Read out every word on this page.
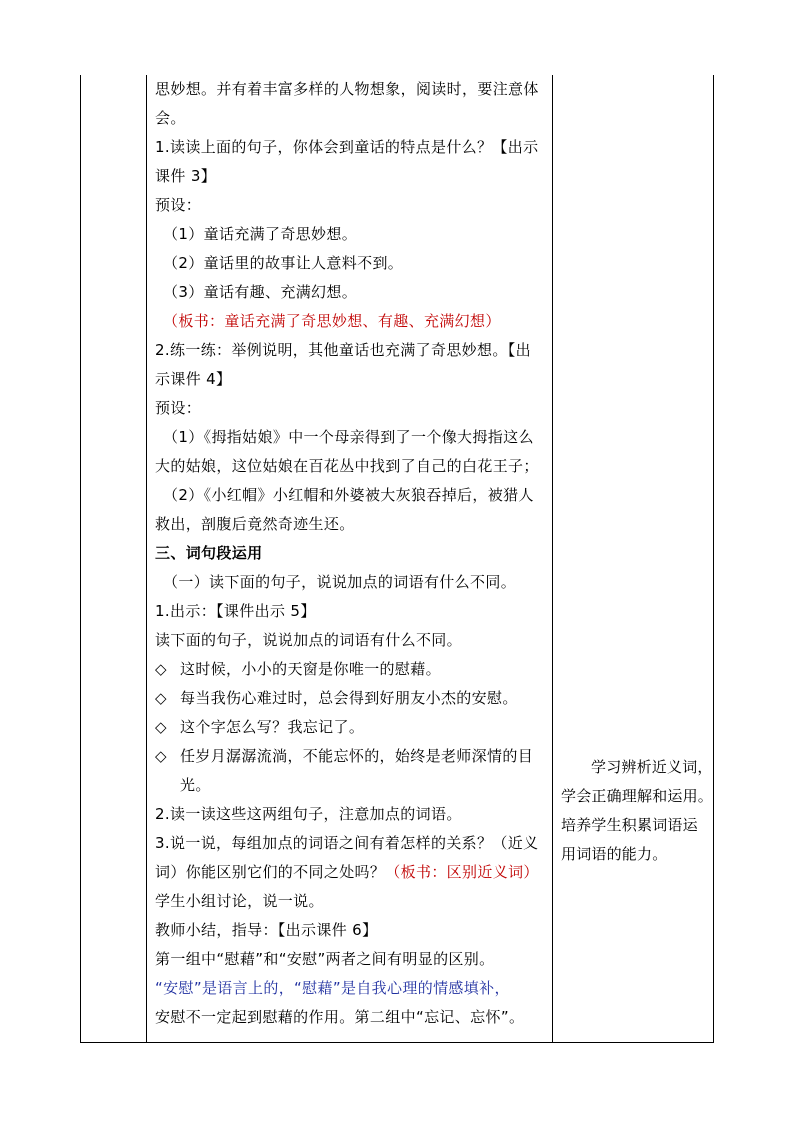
思妙想。并有着丰富多样的人物想象，阅读时，要注意体
会。
1.读读上面的句子，你体会到童话的特点是什么？【出示
课件 3】
预设：
（1）童话充满了奇思妙想。
（2）童话里的故事让人意料不到。
（3）童话有趣、充满幻想。
（板书：童话充满了奇思妙想、有趣、充满幻想）
2.练一练：举例说明，其他童话也充满了奇思妙想。【出
示课件 4】
预设：
（1）《拇指姑娘》中一个母亲得到了一个像大拇指这么
大的姑娘，这位姑娘在百花丛中找到了自己的白花王子；
（2）《小红帽》小红帽和外婆被大灰狼吞掉后，被猎人
救出，剖腹后竟然奇迹生还。
三、词句段运用
（一）读下面的句子，说说加点的词语有什么不同。
1.出示：【课件出示 5】
读下面的句子，说说加点的词语有什么不同。
◇ 这时候，小小的天窗是你唯一的慰藉。
◇ 每当我伤心难过时，总会得到好朋友小杰的安慰。
◇ 这个字怎么写？我忘记了。
◇ 任岁月潺潺流淌，不能忘怀的，始终是老师深情的目
光。
2.读一读这些这两组句子，注意加点的词语。
3.说一说，每组加点的词语之间有着怎样的关系？（近义
词）你能区别它们的不同之处吗？（板书：区别近义词）
学生小组讨论，说一说。
教师小结，指导：【出示课件 6】
第一组中“慰藉”和“安慰”两者之间有明显的区别。
“安慰”是语言上的，“慰藉”是自我心理的情感填补，
安慰不一定起到慰藉的作用。第二组中“忘记、忘怀”。
学习辨析近义词，
学会正确理解和运用。
培养学生积累词语运
用词语的能力。
